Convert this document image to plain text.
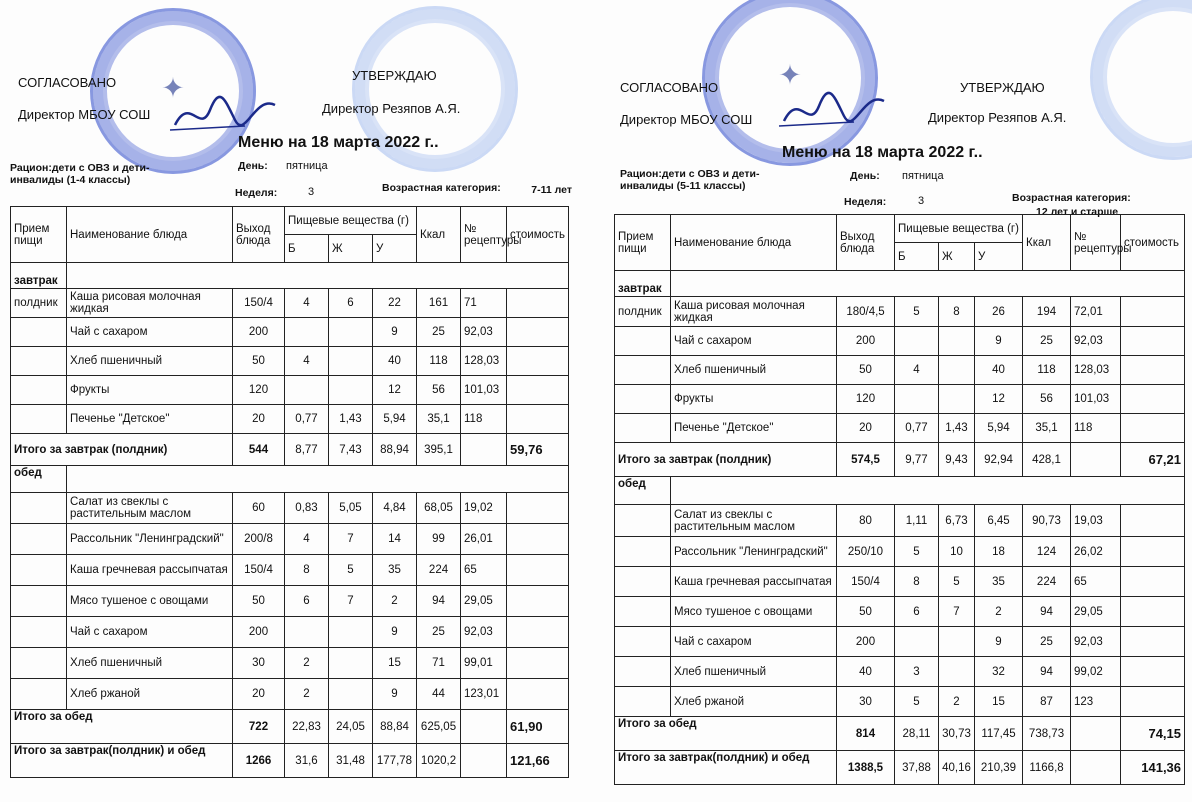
✦
СОГЛАСОВАНО
Директор МБОУ СОШ
УТВЕРЖДАЮ
Директор Резяпов А.Я.
Меню на 18 марта 2022 г..
Рацион:дети с ОВЗ и дети-инвалиды (1-4 классы)
День: пятница
Неделя:	3	Возрастная категория:	7-11 лет
Прием пищи	Наименование блюда	Выход блюда	Пищевые вещества (г)			Ккал	№ рецептуры	стоимость
			Б	Ж	У			
завтрак								
полдник	Каша рисовая молочная жидкая	150/4	4	6	22	161	71	
	Чай с сахаром	200			9	25	92,03	
	Хлеб пшеничный	50	4		40	118	128,03	
	Фрукты	120			12	56	101,03	
	Печенье "Детское"	20	0,77	1,43	5,94	35,1	118	
Итого за завтрак (полдник)		544	8,77	7,43	88,94	395,1		59,76
обед								
	Салат из свеклы с растительным маслом	60	0,83	5,05	4,84	68,05	19,02	
	Рассольник "Ленинградский"	200/8	4	7	14	99	26,01	
	Каша гречневая рассыпчатая	150/4	8	5	35	224	65	
	Мясо тушеное с овощами	50	6	7	2	94	29,05	
	Чай с сахаром	200			9	25	92,03	
	Хлеб пшеничный	30	2		15	71	99,01	
	Хлеб ржаной	20	2		9	44	123,01	
Итого за обед		722	22,83	24,05	88,84	625,05		61,90
Итого за завтрак(полдник) и обед		1266	31,6	31,48	177,78	1020,2		121,66
✦
СОГЛАСОВАНО
Директор МБОУ СОШ
УТВЕРЖДАЮ
Директор Резяпов А.Я.
Меню на 18 марта 2022 г..
Рацион:дети с ОВЗ и дети-инвалиды (5-11 классы)
День: пятница
Неделя:	3	Возрастная категория:
12 лет и старше
Прием пищи	Наименование блюда	Выход блюда	Пищевые вещества (г)			Ккал	№ рецептуры	стоимость
			Б	Ж	У			
завтрак								
полдник	Каша рисовая молочная жидкая	180/4,5	5	8	26	194	72,01	
	Чай с сахаром	200			9	25	92,03	
	Хлеб пшеничный	50	4		40	118	128,03	
	Фрукты	120			12	56	101,03	
	Печенье "Детское"	20	0,77	1,43	5,94	35,1	118	
Итого за завтрак (полдник)		574,5	9,77	9,43	92,94	428,1		67,21
обед								
	Салат из свеклы с растительным маслом	80	1,11	6,73	6,45	90,73	19,03	
	Рассольник "Ленинградский"	250/10	5	10	18	124	26,02	
	Каша гречневая рассыпчатая	150/4	8	5	35	224	65	
	Мясо тушеное с овощами	50	6	7	2	94	29,05	
	Чай с сахаром	200			9	25	92,03	
	Хлеб пшеничный	40	3		32	94	99,02	
	Хлеб ржаной	30	5	2	15	87	123	
Итого за обед		814	28,11	30,73	117,45	738,73		74,15
Итого за завтрак(полдник) и обед		1388,5	37,88	40,16	210,39	1166,8		141,36
